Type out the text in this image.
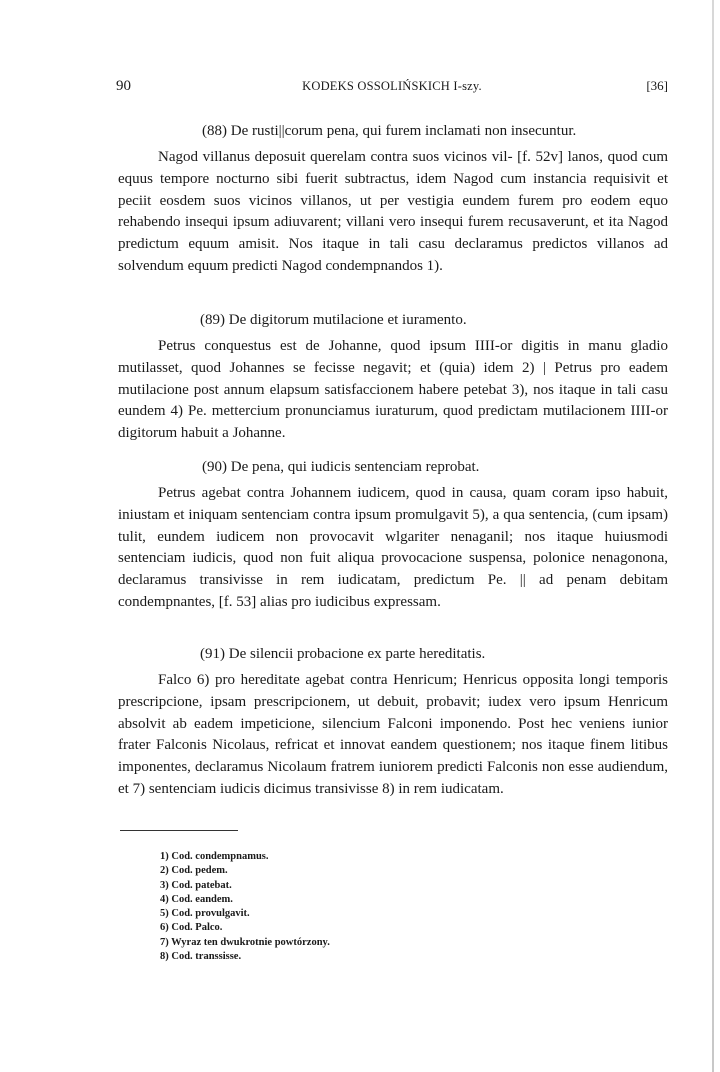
90	KODEKS OSSOLIŃSKICH I-szy.	[36]
(88) De rusti||corum pena, qui furem inclamati non insecuntur.

Nagod villanus deposuit querelam contra suos vicinos vil- [f. 52v] lanos, quod cum equus tempore nocturno sibi fuerit subtractus, idem Nagod cum instancia requisivit et peciit eosdem suos vicinos villanos, ut per vestigia eundem furem pro eodem equo rehabendo insequi ipsum adiuvarent; villani vero insequi furem recusaverunt, et ita Nagod predictum equum amisit. Nos itaque in tali casu declaramus predictos villanos ad solvendum equum predicti Nagod condempnandos 1).

(89) De digitorum mutilacione et iuramento.

Petrus conquestus est de Johanne, quod ipsum IIII-or digitis in manu gladio mutilasset, quod Johannes se fecisse negavit; et (quia) idem 2) | Petrus pro eadem mutilacione post annum elapsum satisfaccionem habere petebat 3), nos itaque in tali casu eundem 4) Pe. mettercium pronunciamus iuraturum, quod predictam mutilacionem IIII-or digitorum habuit a Johanne.

(90) De pena, qui iudicis sentenciam reprobat.

Petrus agebat contra Johannem iudicem, quod in causa, quam coram ipso habuit, iniustam et iniquam sentenciam contra ipsum promulgavit 5), a qua sentencia, (cum ipsam) tulit, eundem iudicem non provocavit wlgariter nenaganil; nos itaque huiusmodi sentenciam iudicis, quod non fuit aliqua provocacione suspensa, polonice nenagonona, declaramus transivisse in rem iudicatam, predictum Pe. || ad penam debitam condempnantes, [f. 53] alias pro iudicibus expressam.

(91) De silencii probacione ex parte hereditatis.

Falco 6) pro hereditate agebat contra Henricum; Henricus opposita longi temporis prescripcione, ipsam prescripcionem, ut debuit, probavit; iudex vero ipsum Henricum absolvit ab eadem impeticione, silencium Falconi imponendo. Post hec veniens iunior frater Falconis Nicolaus, refricat et innovat eandem questionem; nos itaque finem litibus imponentes, declaramus Nicolaum fratrem iuniorem predicti Falconis non esse audiendum, et 7) sentenciam iudicis dicimus transivisse 8) in rem iudicatam.

1) Cod. condempnamus.
2) Cod. pedem.
3) Cod. patebat.
4) Cod. eandem.
5) Cod. provulgavit.
6) Cod. Palco.
7) Wyraz ten dwukrotnie powtórzony.
8) Cod. transsisse.
